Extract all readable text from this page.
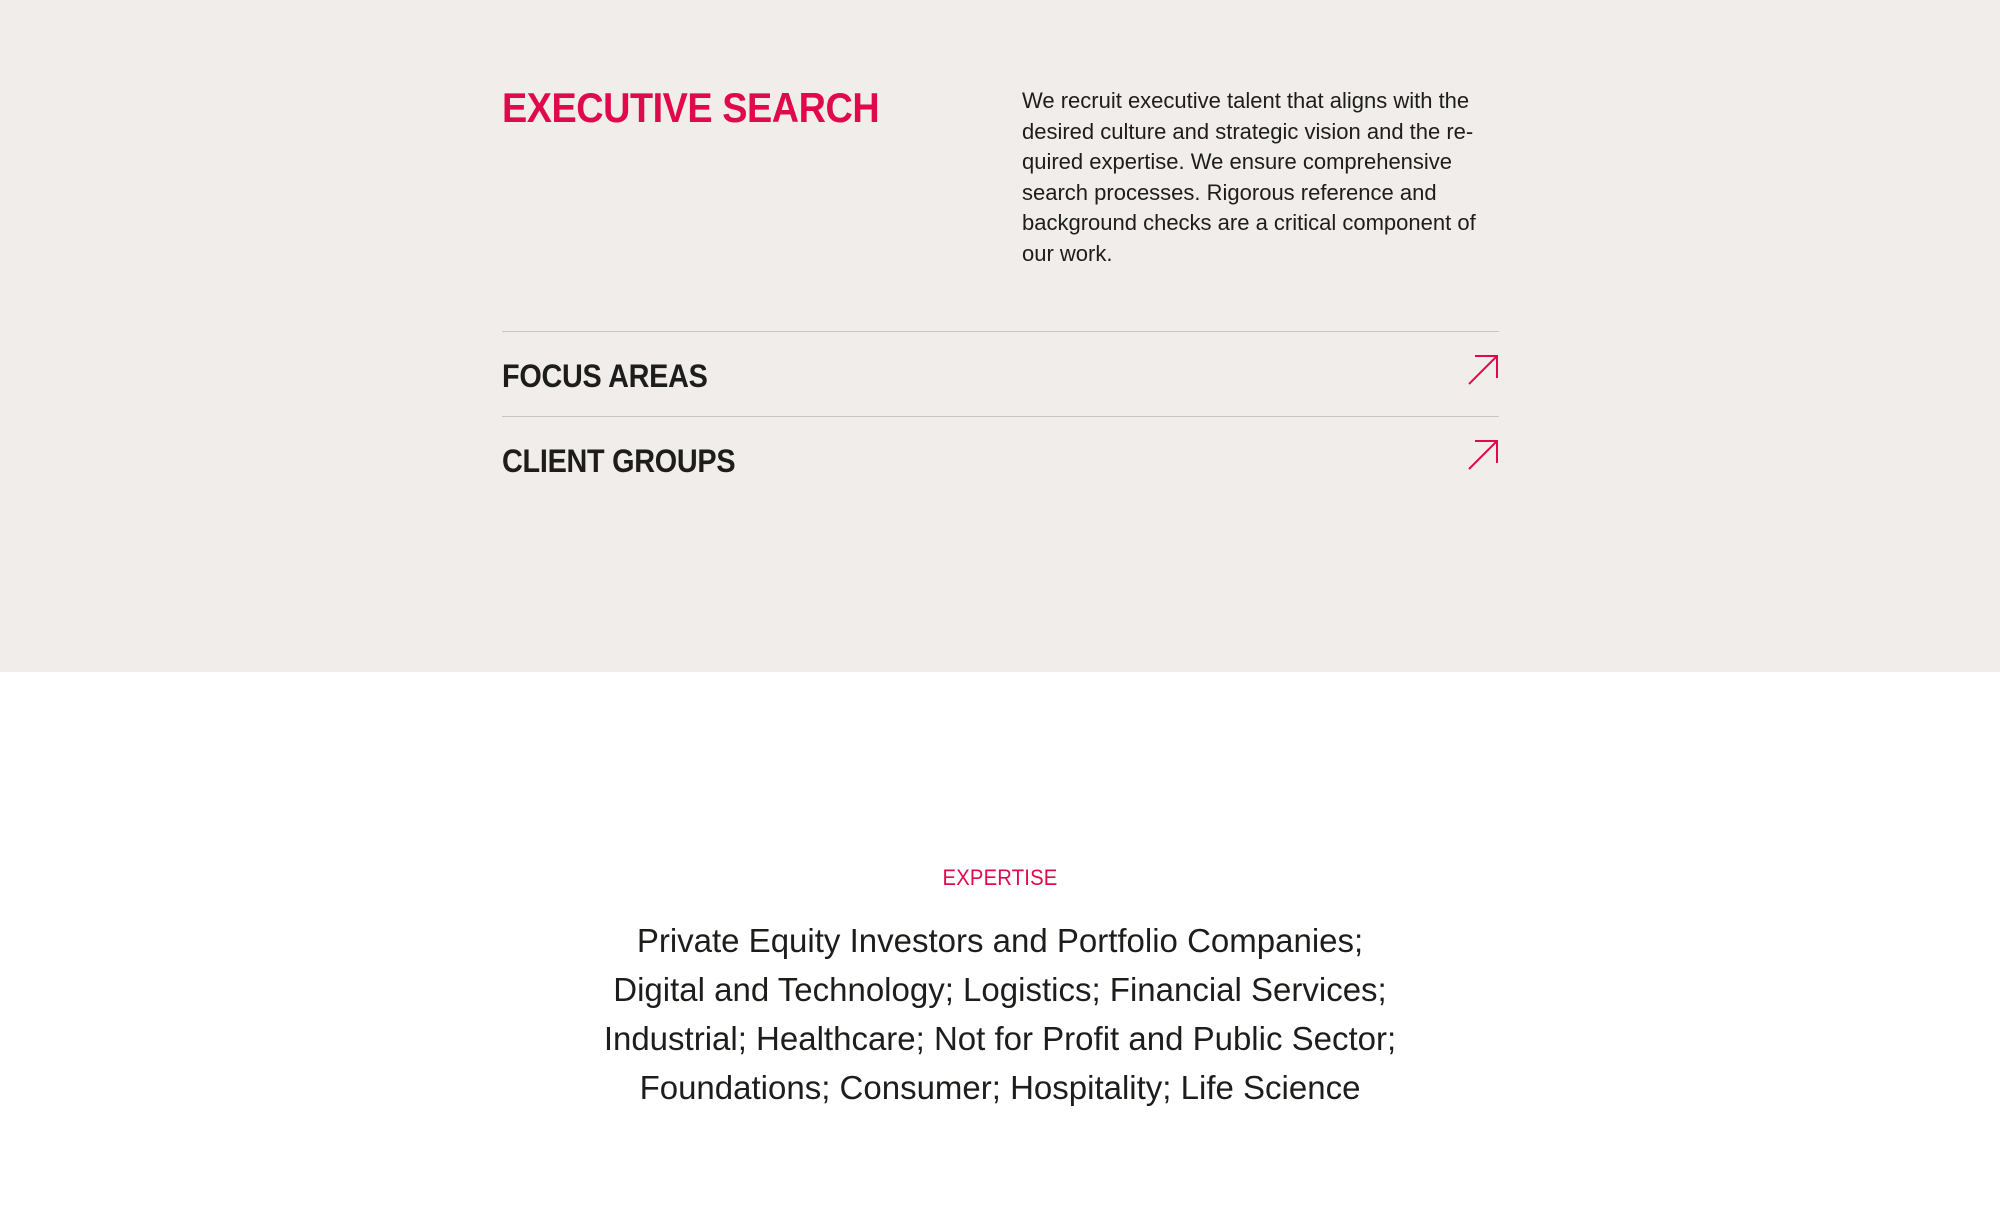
EXECUTIVE SEARCH	We recruit executive talent that aligns with the desired culture and strategic vision and the re-quired expertise. We ensure comprehensive search processes. Rigorous reference and background checks are a critical component of our work.

FOCUS AREAS
CLIENT GROUPS
EXPERTISE

Private Equity Investors and Portfolio Companies; Digital and Technology; Logistics; Financial Services; Industrial; Healthcare; Not for Profit and Public Sector; Foundations; Consumer; Hospitality; Life Science
